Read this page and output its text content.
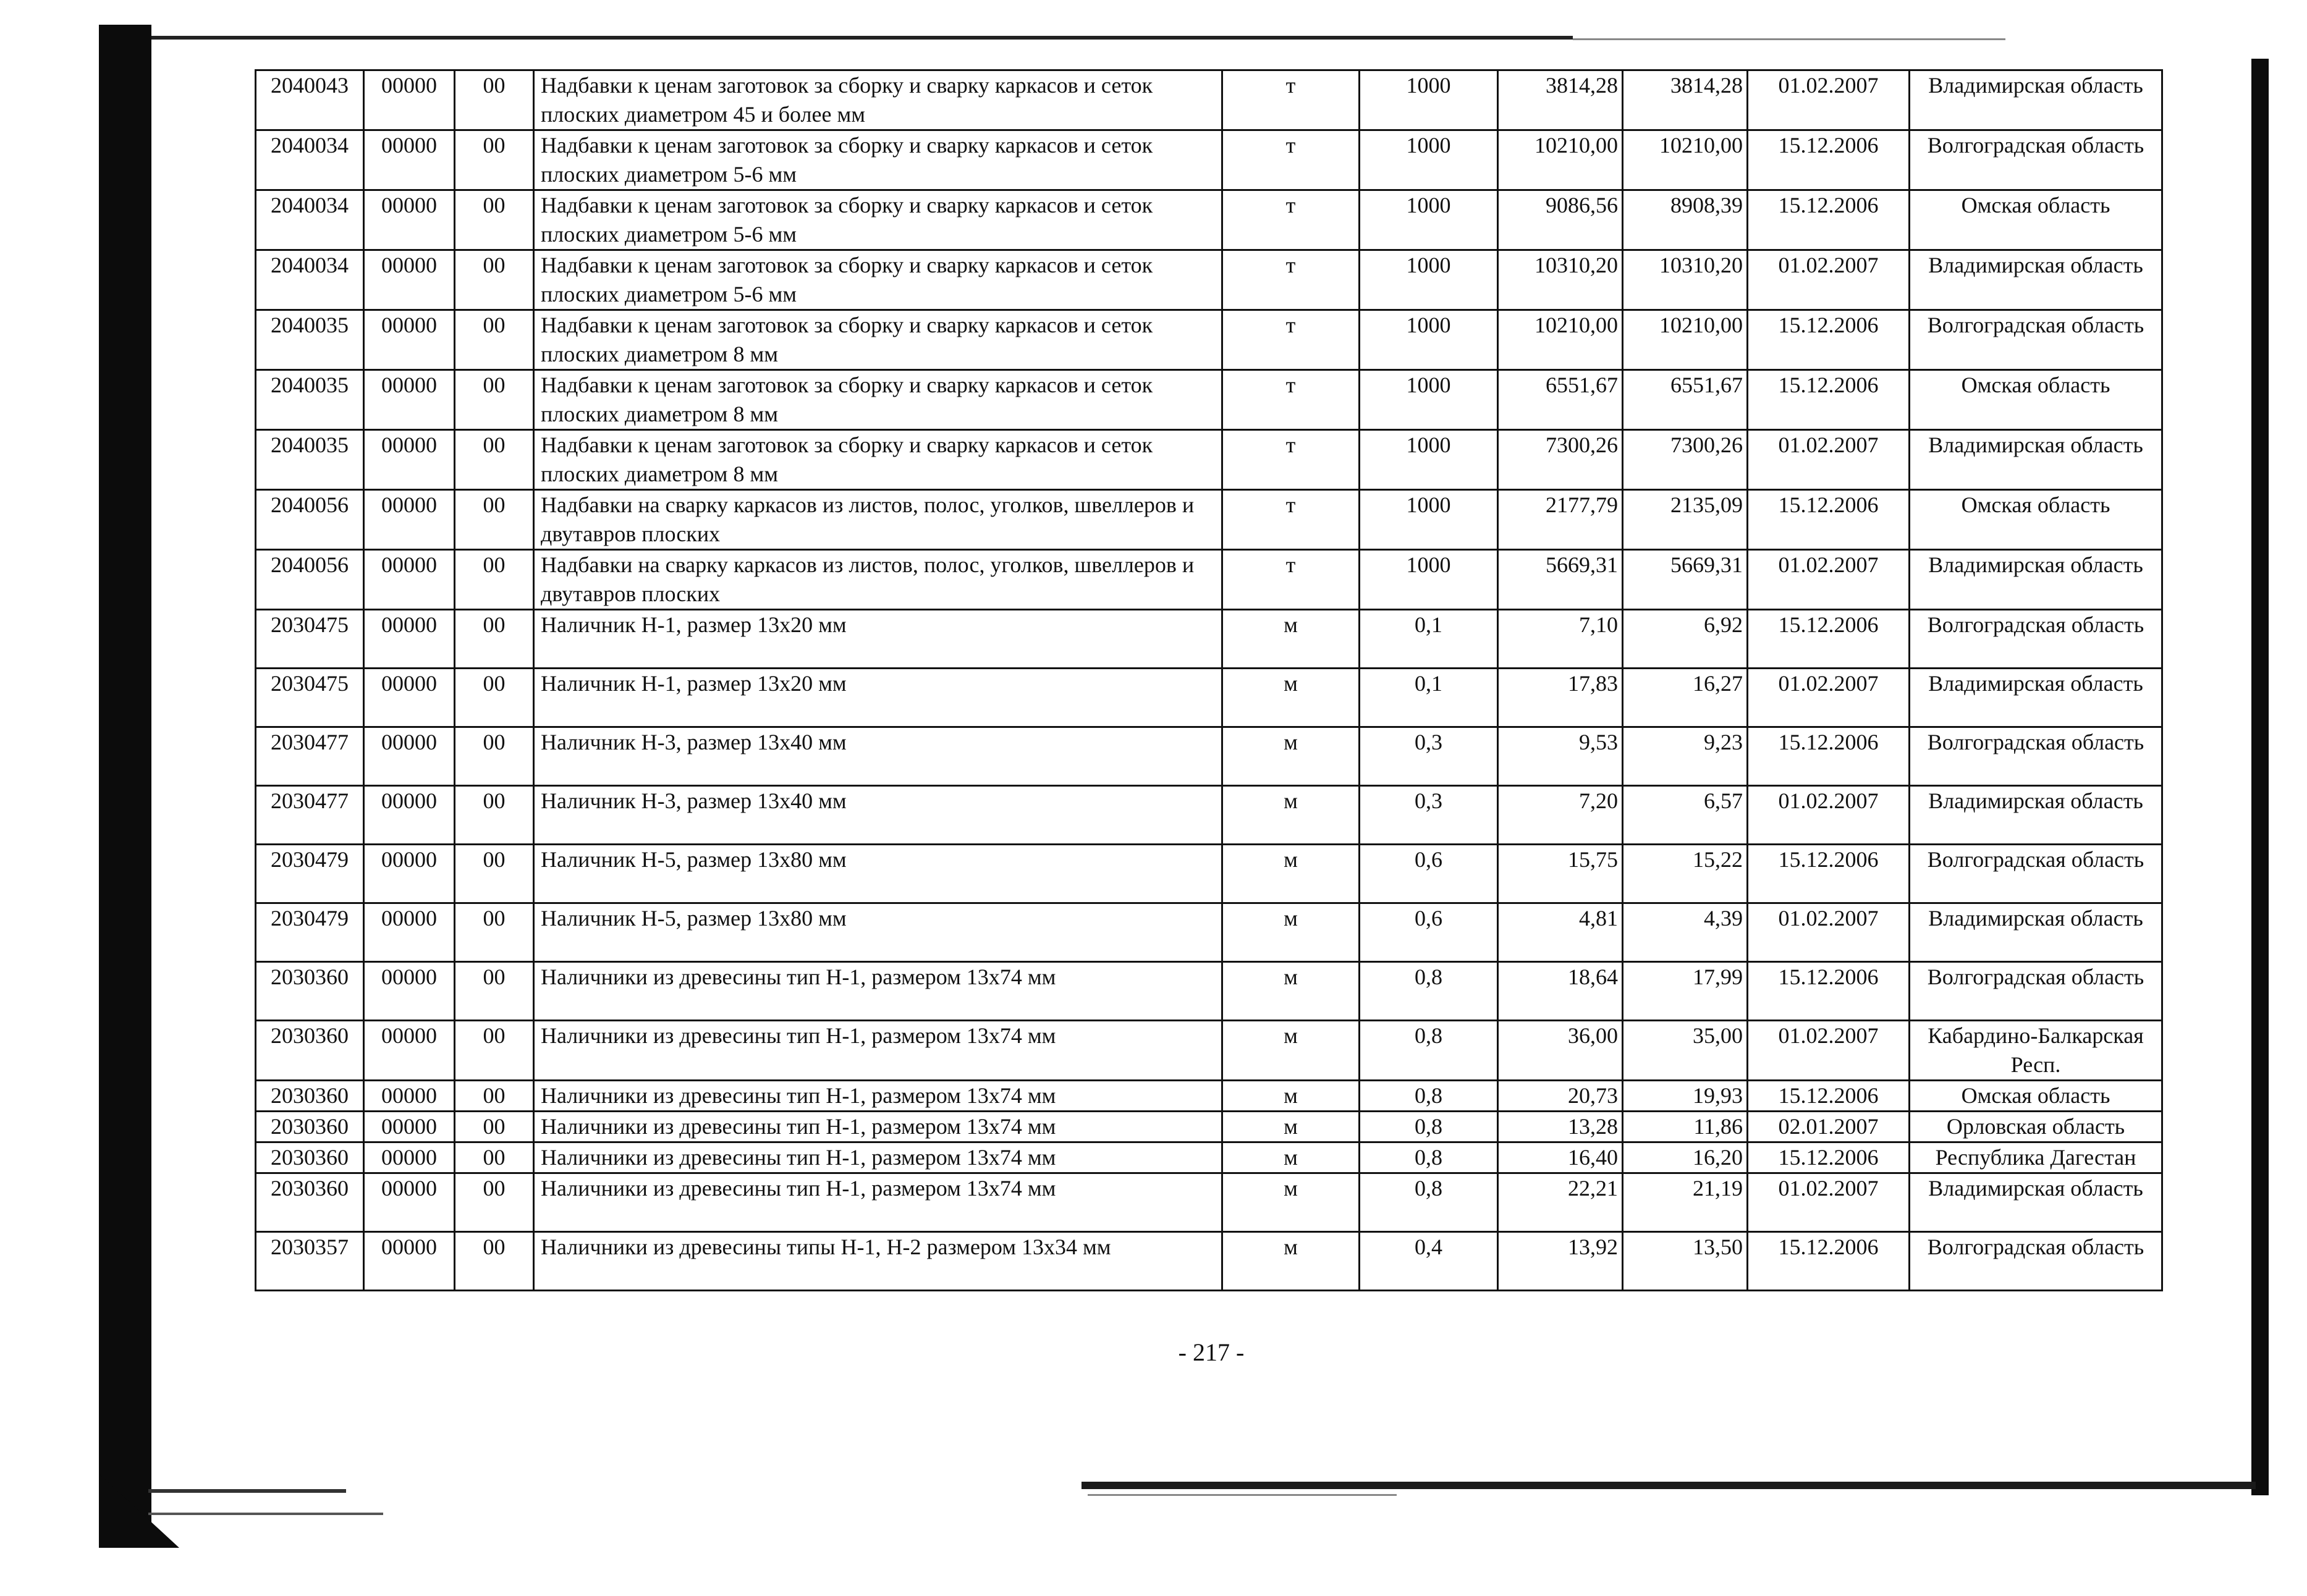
2040043	00000	00	Надбавки к ценам заготовок за сборку и сварку каркасов и сеток плоских диаметром 45 и более мм	т	1000	3814,28	3814,28	01.02.2007	Владимирская область
2040034	00000	00	Надбавки к ценам заготовок за сборку и сварку каркасов и сеток плоских диаметром 5-6 мм	т	1000	10210,00	10210,00	15.12.2006	Волгоградская область
2040034	00000	00	Надбавки к ценам заготовок за сборку и сварку каркасов и сеток плоских диаметром 5-6 мм	т	1000	9086,56	8908,39	15.12.2006	Омская область
2040034	00000	00	Надбавки к ценам заготовок за сборку и сварку каркасов и сеток плоских диаметром 5-6 мм	т	1000	10310,20	10310,20	01.02.2007	Владимирская область
2040035	00000	00	Надбавки к ценам заготовок за сборку и сварку каркасов и сеток плоских диаметром 8 мм	т	1000	10210,00	10210,00	15.12.2006	Волгоградская область
2040035	00000	00	Надбавки к ценам заготовок за сборку и сварку каркасов и сеток плоских диаметром 8 мм	т	1000	6551,67	6551,67	15.12.2006	Омская область
2040035	00000	00	Надбавки к ценам заготовок за сборку и сварку каркасов и сеток плоских диаметром 8 мм	т	1000	7300,26	7300,26	01.02.2007	Владимирская область
2040056	00000	00	Надбавки на сварку каркасов из листов, полос, уголков, швеллеров и двутавров плоских	т	1000	2177,79	2135,09	15.12.2006	Омская область
2040056	00000	00	Надбавки на сварку каркасов из листов, полос, уголков, швеллеров и двутавров плоских	т	1000	5669,31	5669,31	01.02.2007	Владимирская область
2030475	00000	00	Наличник Н-1, размер 13х20 мм	м	0,1	7,10	6,92	15.12.2006	Волгоградская область
2030475	00000	00	Наличник Н-1, размер 13х20 мм	м	0,1	17,83	16,27	01.02.2007	Владимирская область
2030477	00000	00	Наличник Н-3, размер 13х40 мм	м	0,3	9,53	9,23	15.12.2006	Волгоградская область
2030477	00000	00	Наличник Н-3, размер 13х40 мм	м	0,3	7,20	6,57	01.02.2007	Владимирская область
2030479	00000	00	Наличник Н-5, размер 13х80 мм	м	0,6	15,75	15,22	15.12.2006	Волгоградская область
2030479	00000	00	Наличник Н-5, размер 13х80 мм	м	0,6	4,81	4,39	01.02.2007	Владимирская область
2030360	00000	00	Наличники из древесины тип Н-1, размером 13х74 мм	м	0,8	18,64	17,99	15.12.2006	Волгоградская область
2030360	00000	00	Наличники из древесины тип Н-1, размером 13х74 мм	м	0,8	36,00	35,00	01.02.2007	Кабардино-Балкарская Респ.
2030360	00000	00	Наличники из древесины тип Н-1, размером 13х74 мм	м	0,8	20,73	19,93	15.12.2006	Омская область
2030360	00000	00	Наличники из древесины тип Н-1, размером 13х74 мм	м	0,8	13,28	11,86	02.01.2007	Орловская область
2030360	00000	00	Наличники из древесины тип Н-1, размером 13х74 мм	м	0,8	16,40	16,20	15.12.2006	Республика Дагестан
2030360	00000	00	Наличники из древесины тип Н-1, размером 13х74 мм	м	0,8	22,21	21,19	01.02.2007	Владимирская область
2030357	00000	00	Наличники из древесины типы Н-1, Н-2 размером 13х34 мм	м	0,4	13,92	13,50	15.12.2006	Волгоградская область
- 217 -
